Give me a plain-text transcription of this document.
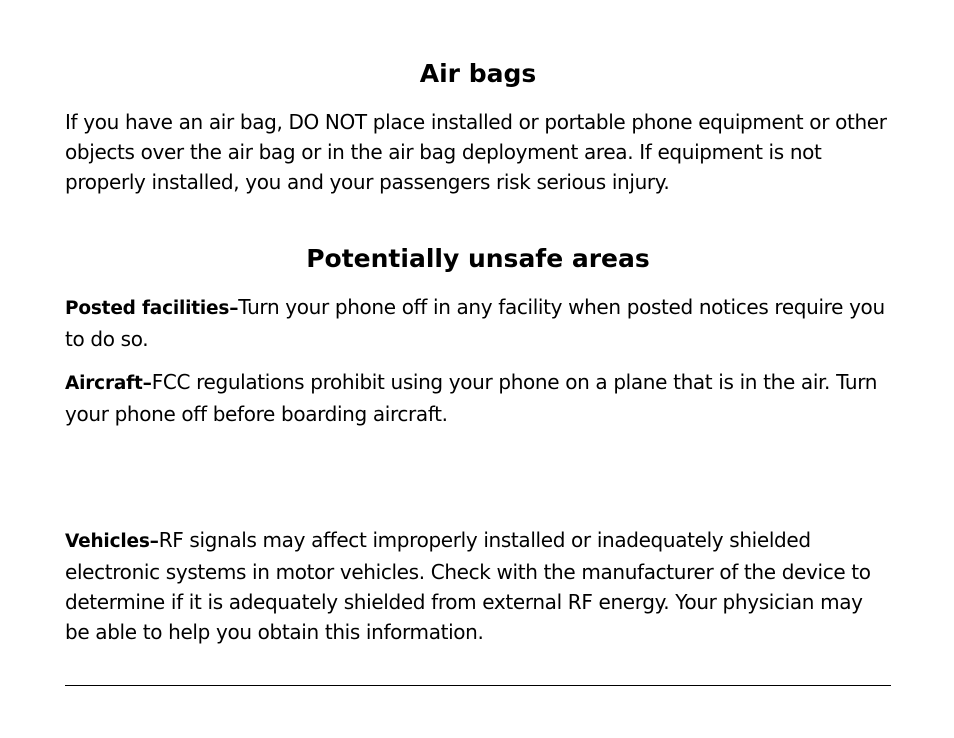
Air bags

If you have an air bag, DO NOT place installed or portable phone equipment or other objects over the air bag or in the air bag deployment area. If equipment is not properly installed, you and your passengers risk serious injury.

Potentially unsafe areas

Posted facilities–Turn your phone off in any facility when posted notices require you to do so.

Aircraft–FCC regulations prohibit using your phone on a plane that is in the air. Turn your phone off before boarding aircraft.

Vehicles–RF signals may affect improperly installed or inadequately shielded electronic systems in motor vehicles. Check with the manufacturer of the device to determine if it is adequately shielded from external RF energy. Your physician may be able to help you obtain this information.
